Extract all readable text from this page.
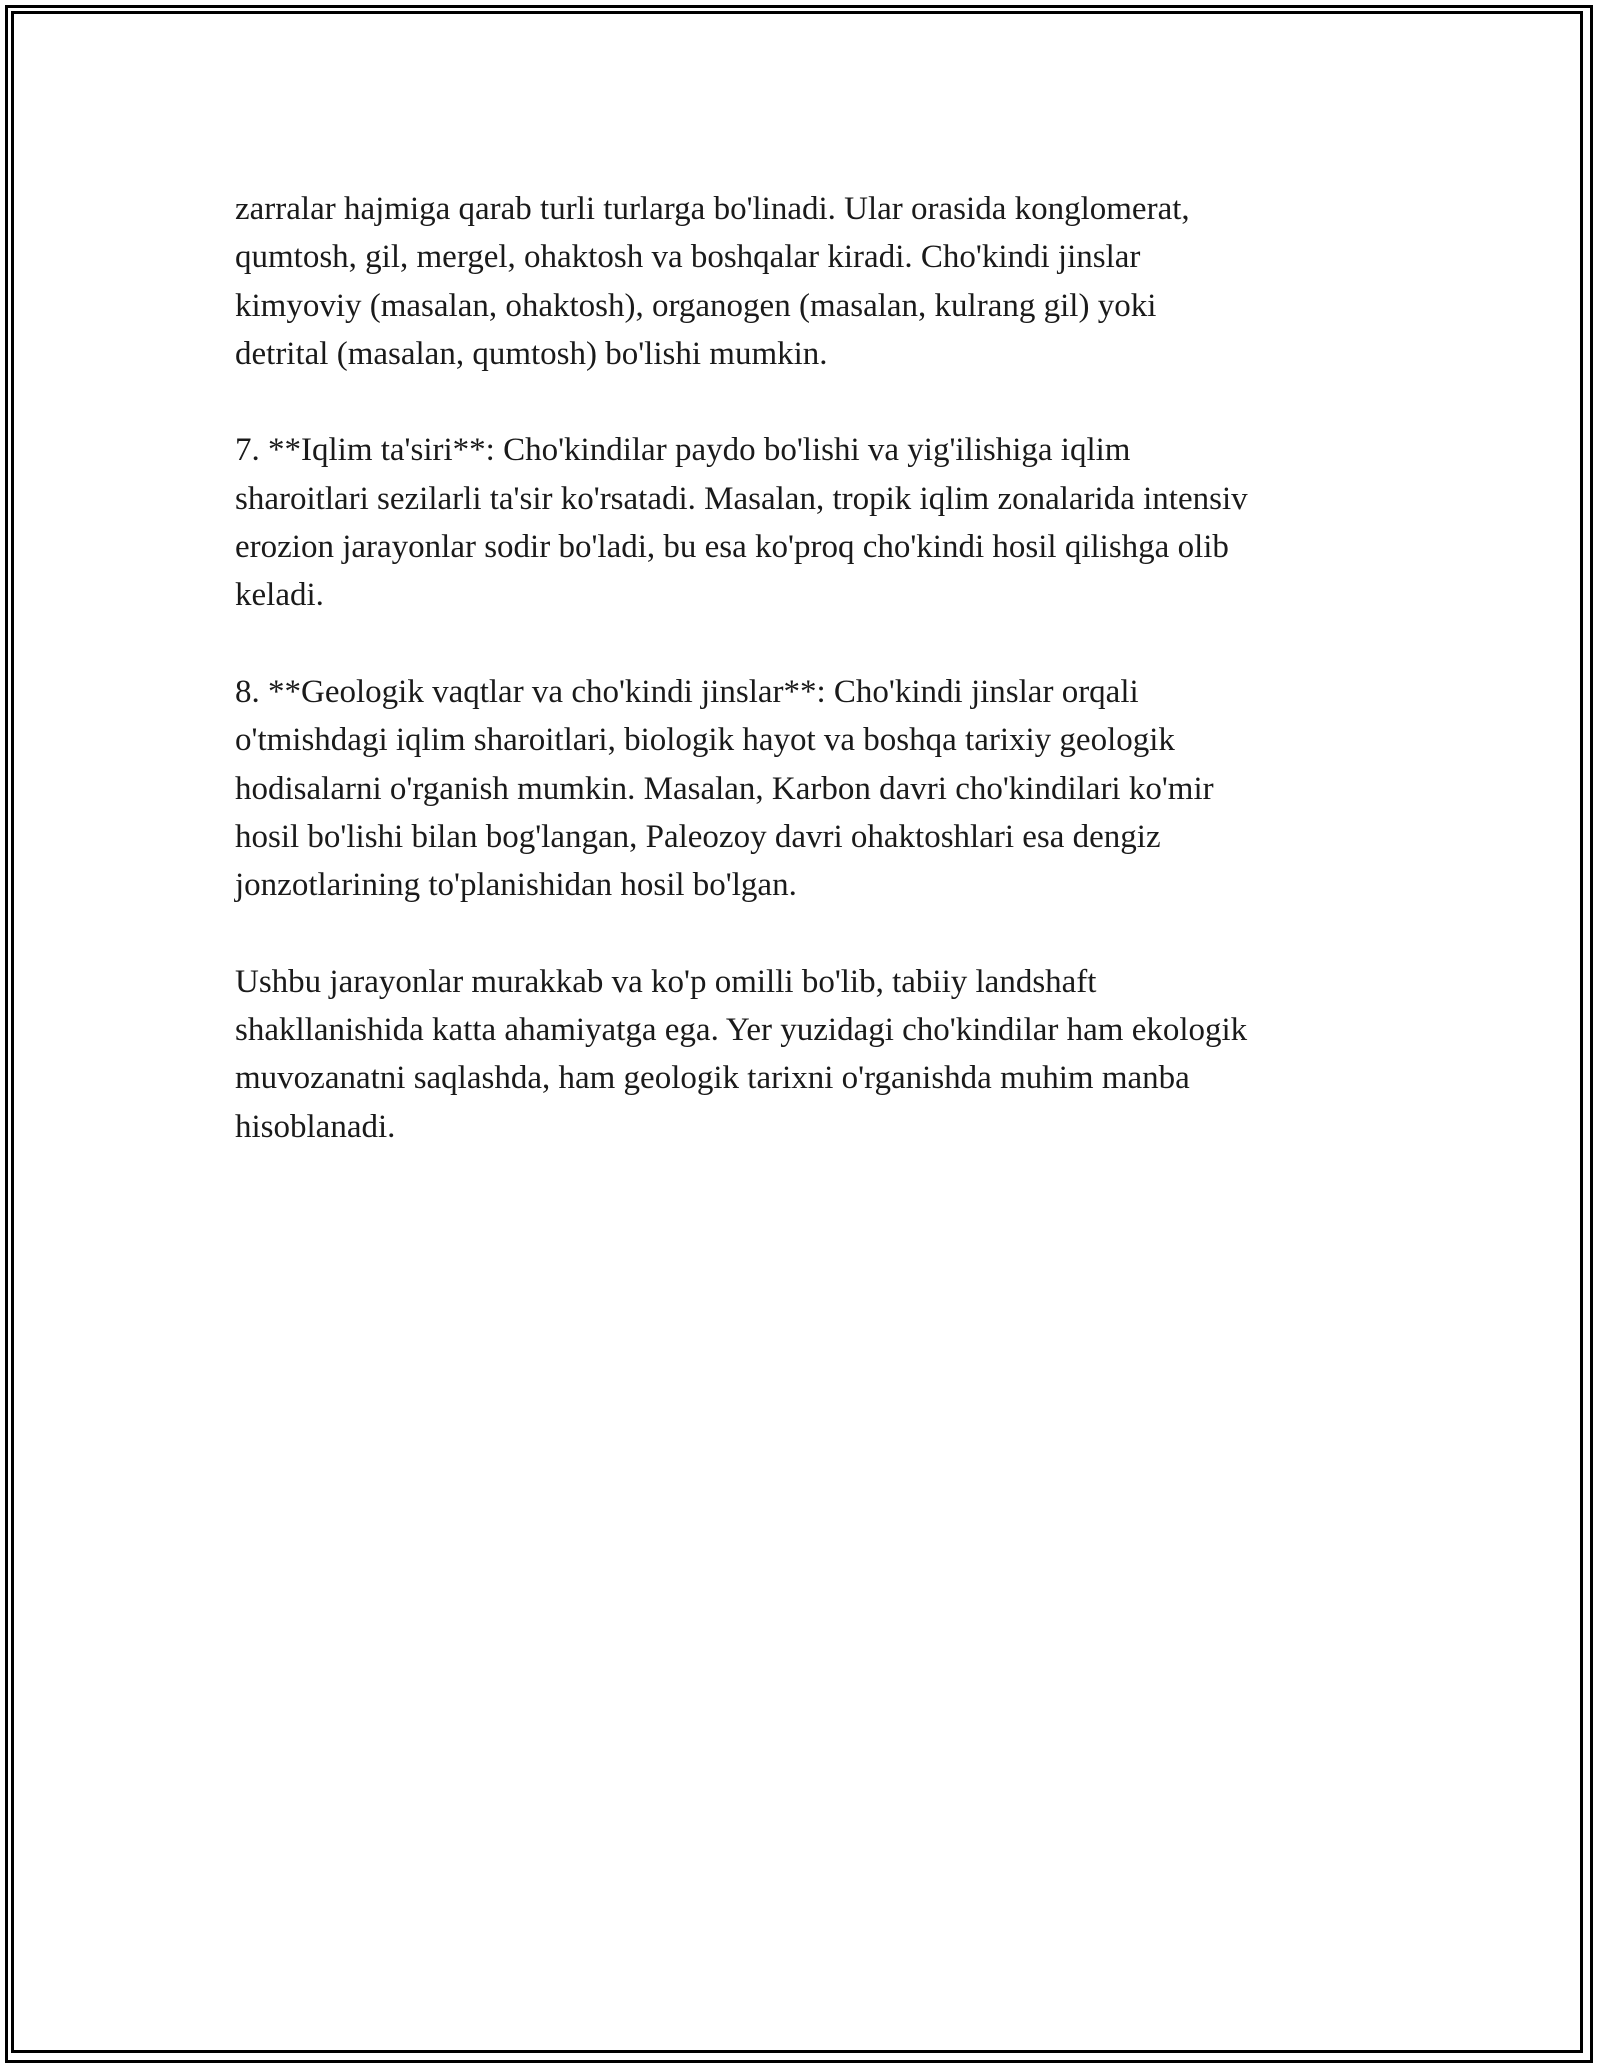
zarralar hajmiga qarab turli turlarga bo'linadi. Ular orasida konglomerat,
qumtosh, gil, mergel, ohaktosh va boshqalar kiradi. Cho'kindi jinslar
kimyoviy (masalan, ohaktosh), organogen (masalan, kulrang gil) yoki
detrital (masalan, qumtosh) bo'lishi mumkin.

7. **Iqlim ta'siri**: Cho'kindilar paydo bo'lishi va yig'ilishiga iqlim
sharoitlari sezilarli ta'sir ko'rsatadi. Masalan, tropik iqlim zonalarida intensiv
erozion jarayonlar sodir bo'ladi, bu esa ko'proq cho'kindi hosil qilishga olib
keladi.

8. **Geologik vaqtlar va cho'kindi jinslar**: Cho'kindi jinslar orqali
o'tmishdagi iqlim sharoitlari, biologik hayot va boshqa tarixiy geologik
hodisalarni o'rganish mumkin. Masalan, Karbon davri cho'kindilari ko'mir
hosil bo'lishi bilan bog'langan, Paleozoy davri ohaktoshlari esa dengiz
jonzotlarining to'planishidan hosil bo'lgan.

Ushbu jarayonlar murakkab va ko'p omilli bo'lib, tabiiy landshaft
shakllanishida katta ahamiyatga ega. Yer yuzidagi cho'kindilar ham ekologik
muvozanatni saqlashda, ham geologik tarixni o'rganishda muhim manba
hisoblanadi.
